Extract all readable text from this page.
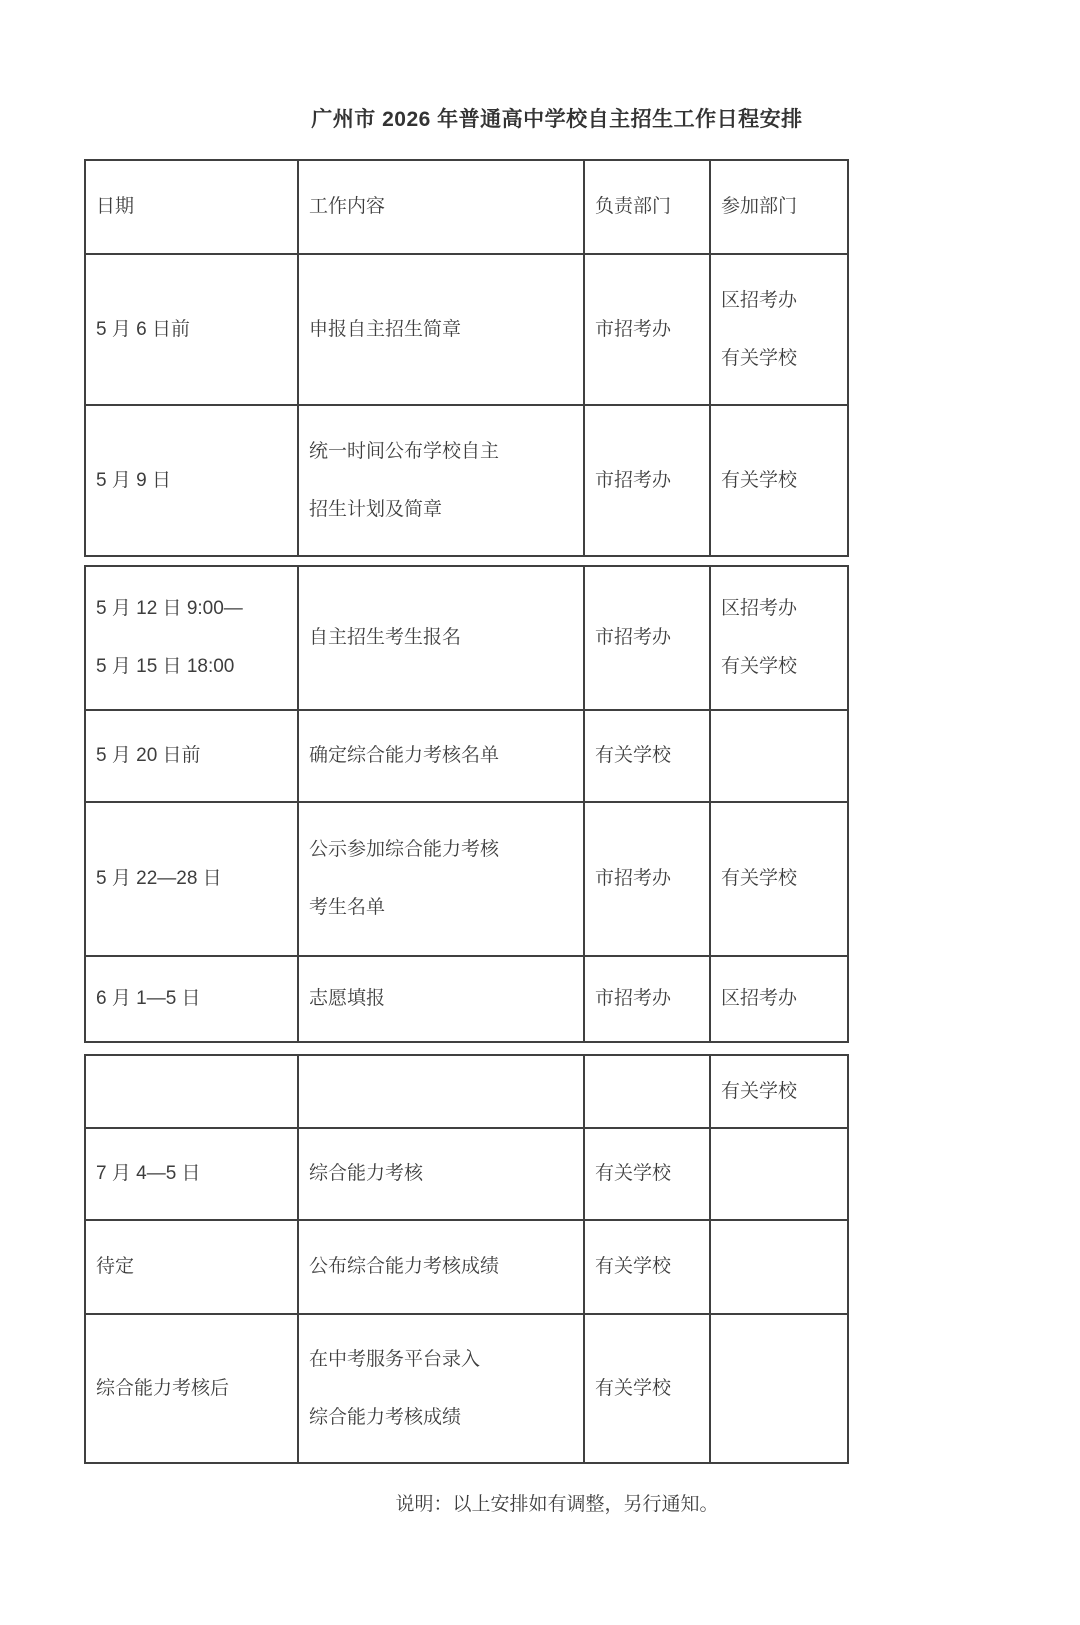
广州市 2026 年普通高中学校自主招生工作日程安排
日期	工作内容	负责部门	参加部门

5 月 6 日前	申报自主招生简章	市招考办	区招考办
有关学校

5 月 9 日	统一时间公布学校自主
招生计划及简章	市招考办	有关学校
5 月 12 日 9:00—
5 月 15 日 18:00	自主招生考生报名	市招考办	区招考办
有关学校

5 月 20 日前	确定综合能力考核名单	有关学校	

5 月 22—28 日	公示参加综合能力考核
考生名单	市招考办	有关学校

6 月 1—5 日	志愿填报	市招考办	区招考办

			有关学校

7 月 4—5 日	综合能力考核	有关学校	

待定	公布综合能力考核成绩	有关学校	

综合能力考核后	在中考服务平台录入
综合能力考核成绩	有关学校	

说明：以上安排如有调整，另行通知。
